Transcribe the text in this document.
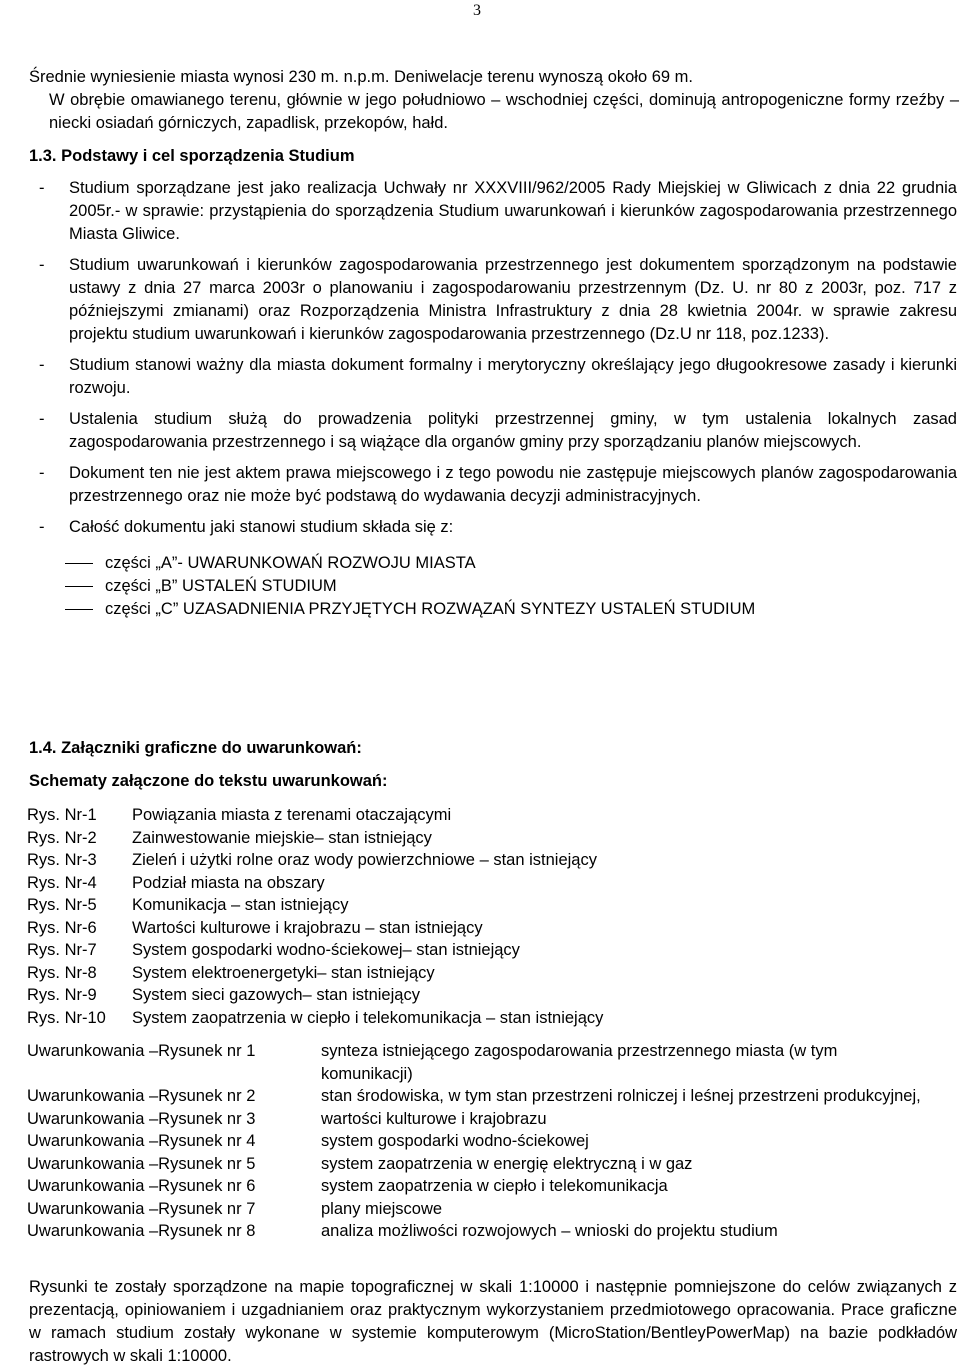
3

Średnie wyniesienie miasta wynosi 230 m. n.p.m. Deniwelacje terenu wynoszą około 69 m.

W obrębie omawianego terenu, głównie w jego południowo – wschodniej części, dominują antropogeniczne formy rzeźby – niecki osiadań górniczych, zapadlisk, przekopów, hałd.

1.3. Podstawy i cel sporządzenia Studium
- Studium sporządzane jest jako realizacja Uchwały nr XXXVIII/962/2005 Rady Miejskiej w Gliwicach z dnia 22 grudnia 2005r.- w sprawie: przystąpienia do sporządzenia Studium uwarunkowań i kierunków zagospodarowania przestrzennego Miasta Gliwice.
- Studium uwarunkowań i kierunków zagospodarowania przestrzennego jest dokumentem sporządzonym na podstawie ustawy z dnia 27 marca 2003r o planowaniu i zagospodarowaniu przestrzennym (Dz. U. nr 80 z 2003r, poz. 717 z późniejszymi zmianami) oraz Rozporządzenia Ministra Infrastruktury z dnia 28 kwietnia 2004r. w sprawie zakresu projektu studium uwarunkowań i kierunków zagospodarowania przestrzennego (Dz.U nr 118, poz.1233).
- Studium stanowi ważny dla miasta dokument formalny i merytoryczny określający jego długookresowe zasady i kierunki rozwoju.
- Ustalenia studium służą do prowadzenia polityki przestrzennej gminy, w tym ustalenia lokalnych zasad zagospodarowania przestrzennego i są wiążące dla organów gminy przy sporządzaniu planów miejscowych.
- Dokument ten nie jest aktem prawa miejscowego i z tego powodu nie zastępuje miejscowych planów zagospodarowania przestrzennego oraz nie może być podstawą do wydawania decyzji administracyjnych.
- Całość dokumentu jaki stanowi studium składa się z:
części „A”- UWARUNKOWAŃ ROZWOJU MIASTA
części „B” USTALEŃ STUDIUM
części „C” UZASADNIENIA PRZYJĘTYCH ROZWĄZAŃ SYNTEZY USTALEŃ STUDIUM
1.4. Załączniki graficzne do uwarunkowań:
Schematy załączone do tekstu uwarunkowań:
Rys. Nr-1	Powiązania miasta z terenami otaczającymi
Rys. Nr-2	Zainwestowanie miejskie– stan istniejący
Rys. Nr-3	Zieleń i użytki rolne oraz wody powierzchniowe – stan istniejący
Rys. Nr-4	Podział miasta na obszary
Rys. Nr-5	Komunikacja – stan istniejący
Rys. Nr-6	Wartości kulturowe i krajobrazu – stan istniejący
Rys. Nr-7	System gospodarki wodno-ściekowej– stan istniejący
Rys. Nr-8	System elektroenergetyki– stan istniejący
Rys. Nr-9	System sieci gazowych– stan istniejący
Rys. Nr-10	System zaopatrzenia w ciepło i telekomunikacja – stan istniejący
Uwarunkowania –Rysunek nr 1	synteza istniejącego zagospodarowania przestrzennego miasta (w tym komunikacji)
Uwarunkowania –Rysunek nr 2	stan środowiska, w tym stan przestrzeni rolniczej i leśnej przestrzeni produkcyjnej,
Uwarunkowania –Rysunek nr 3	wartości kulturowe i krajobrazu
Uwarunkowania –Rysunek nr 4	system gospodarki wodno-ściekowej
Uwarunkowania –Rysunek nr 5	system zaopatrzenia w energię elektryczną i w gaz
Uwarunkowania –Rysunek nr 6	system zaopatrzenia w ciepło i telekomunikacja
Uwarunkowania –Rysunek nr 7	plany miejscowe
Uwarunkowania –Rysunek nr 8	analiza możliwości rozwojowych – wnioski do projektu studium

Rysunki te zostały sporządzone na mapie topograficznej w skali 1:10000 i następnie pomniejszone do celów związanych z prezentacją, opiniowaniem i uzgadnianiem oraz praktycznym wykorzystaniem przedmiotowego opracowania. Prace graficzne w ramach studium zostały wykonane w systemie komputerowym (MicroStation/BentleyPowerMap) na bazie podkładów rastrowych w skali 1:10000.
